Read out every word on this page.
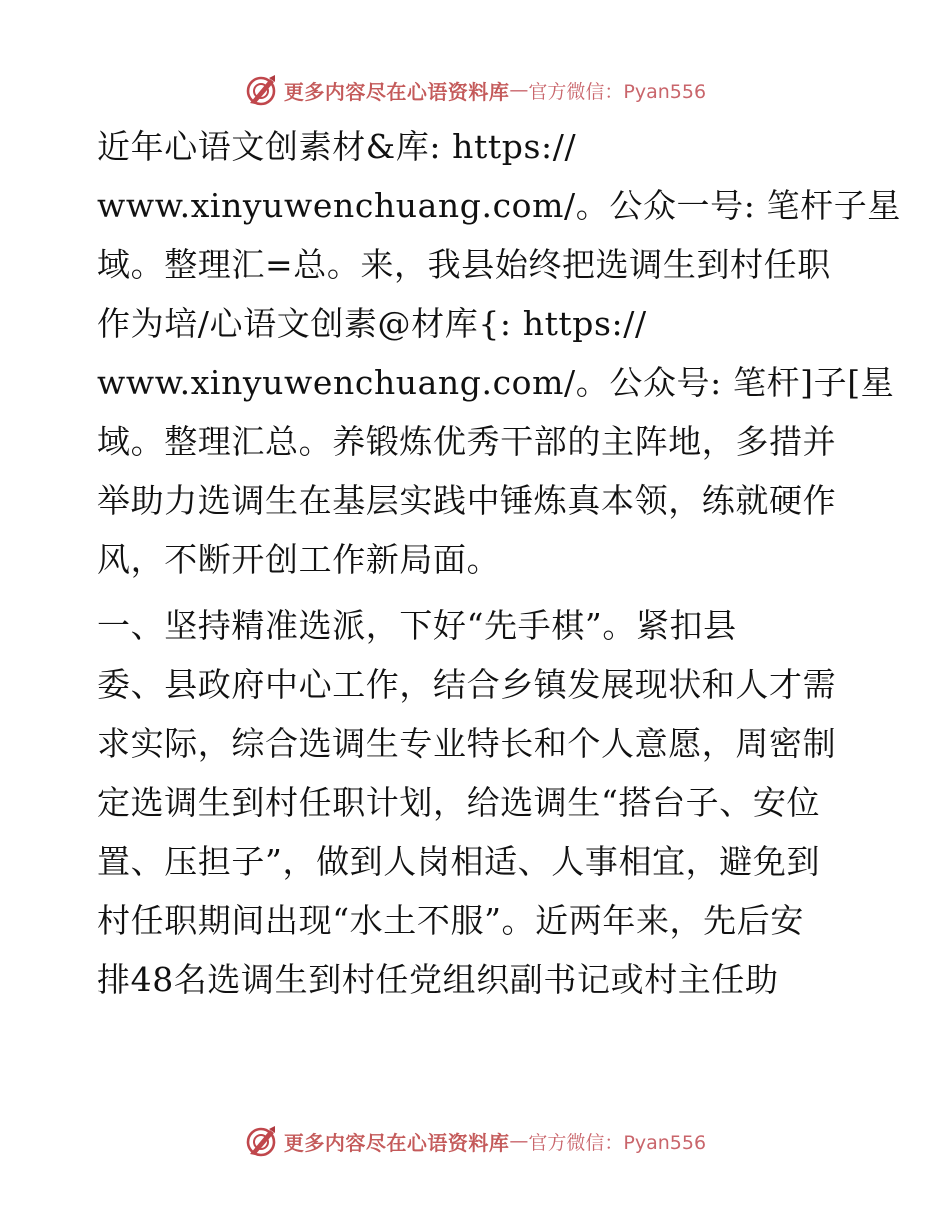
更多内容尽在心语资料库 — 官方微信：Pyan556

近年心语文创素材&库: https://
www.xinyuwenchuang.com/。公众一号: 笔杆子星
域。整理汇=总。来，我县始终把选调生到村任职
作为培/心语文创素@材库{: https://
www.xinyuwenchuang.com/。公众号: 笔杆]子[星
域。整理汇总。养锻炼优秀干部的主阵地，多措并
举助力选调生在基层实践中锤炼真本领，练就硬作
风，不断开创工作新局面。

一、坚持精准选派，下好“先手棋”。紧扣县
委、县政府中心工作，结合乡镇发展现状和人才需
求实际，综合选调生专业特长和个人意愿，周密制
定选调生到村任职计划，给选调生“搭台子、安位
置、压担子”，做到人岗相适、人事相宜，避免到
村任职期间出现“水土不服”。近两年来，先后安
排48名选调生到村任党组织副书记或村主任助

更多内容尽在心语资料库 — 官方微信：Pyan556
